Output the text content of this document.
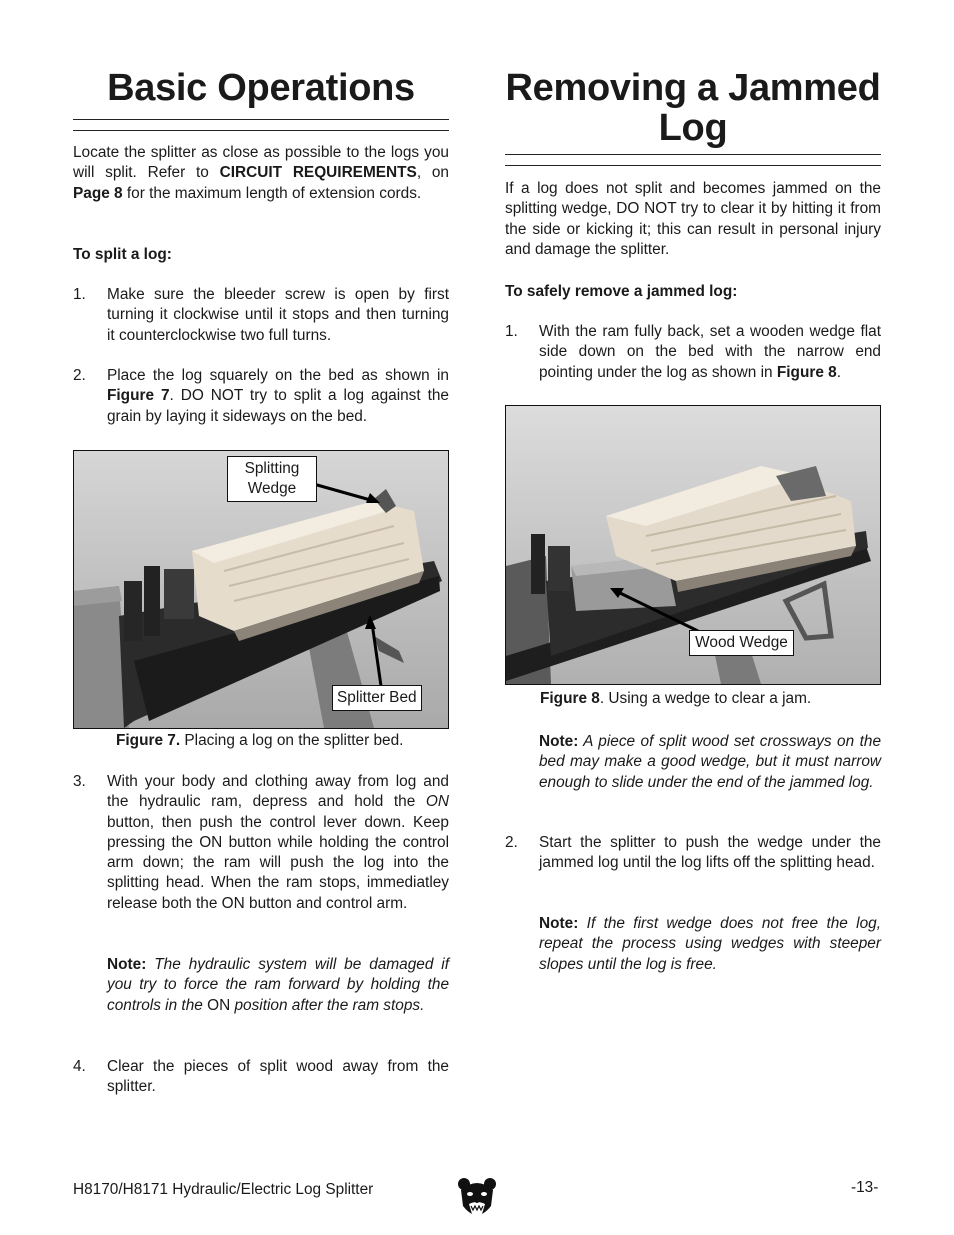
Basic Operations
Locate the splitter as close as possible to the logs you will split. Refer to CIRCUIT REQUIREMENTS, on Page 8 for the maximum length of extension cords.
To split a log:
1. Make sure the bleeder screw is open by first turning it clockwise until it stops and then turning it counterclockwise two full turns.
2. Place the log squarely on the bed as shown in Figure 7. DO NOT try to split a log against the grain by laying it sideways on the bed.
Splitting Wedge
Splitter Bed
Figure 7. Placing a log on the splitter bed.
3. With your body and clothing away from log and the hydraulic ram, depress and hold the ON button, then push the control lever down. Keep pressing the ON button while holding the control arm down; the ram will push the log into the splitting head. When the ram stops, immediatley release both the ON button and control arm.
Note: The hydraulic system will be damaged if you try to force the ram forward by holding the controls in the ON position after the ram stops.
4. Clear the pieces of split wood away from the splitter.
Removing a Jammed Log
If a log does not split and becomes jammed on the splitting wedge, DO NOT try to clear it by hitting it from the side or kicking it; this can result in personal injury and damage the splitter.
To safely remove a jammed log:
1. With the ram fully back, set a wooden wedge flat side down on the bed with the narrow end pointing under the log as shown in Figure 8.
Wood Wedge
Figure 8. Using a wedge to clear a jam.
Note: A piece of split wood set crossways on the bed may make a good wedge, but it must narrow enough to slide under the end of the jammed log.
2. Start the splitter to push the wedge under the jammed log until the log lifts off the splitting head.
Note: If the first wedge does not free the log, repeat the process using wedges with steeper slopes until the log is free.
H8170/H8171 Hydraulic/Electric Log Splitter	-13-
